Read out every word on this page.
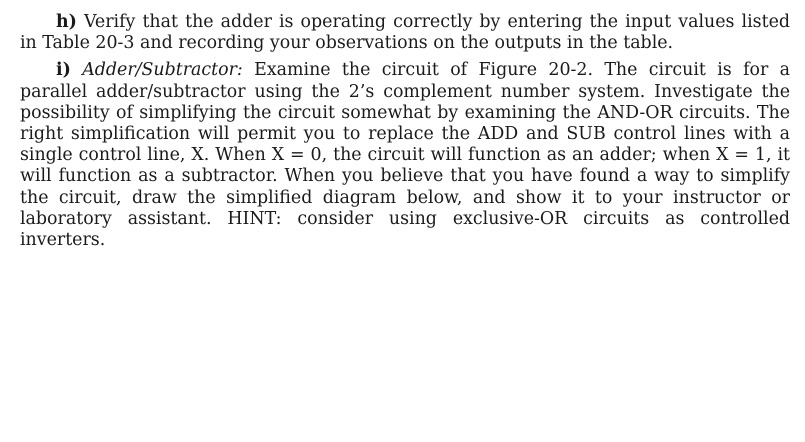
h) Verify that the adder is operating correctly by entering the input values listed in Table 20-3 and recording your observations on the outputs in the table.

i) Adder/Subtractor: Examine the circuit of Figure 20-2. The circuit is for a parallel adder/subtractor using the 2’s complement number system. Investigate the possibility of simplifying the circuit somewhat by examining the AND-OR circuits. The right simplification will permit you to replace the ADD and SUB control lines with a single control line, X. When X = 0, the circuit will function as an adder; when X = 1, it will function as a subtractor. When you believe that you have found a way to simplify the circuit, draw the simplified diagram below, and show it to your instructor or laboratory assistant. HINT: consider using exclusive-OR circuits as controlled inverters.
